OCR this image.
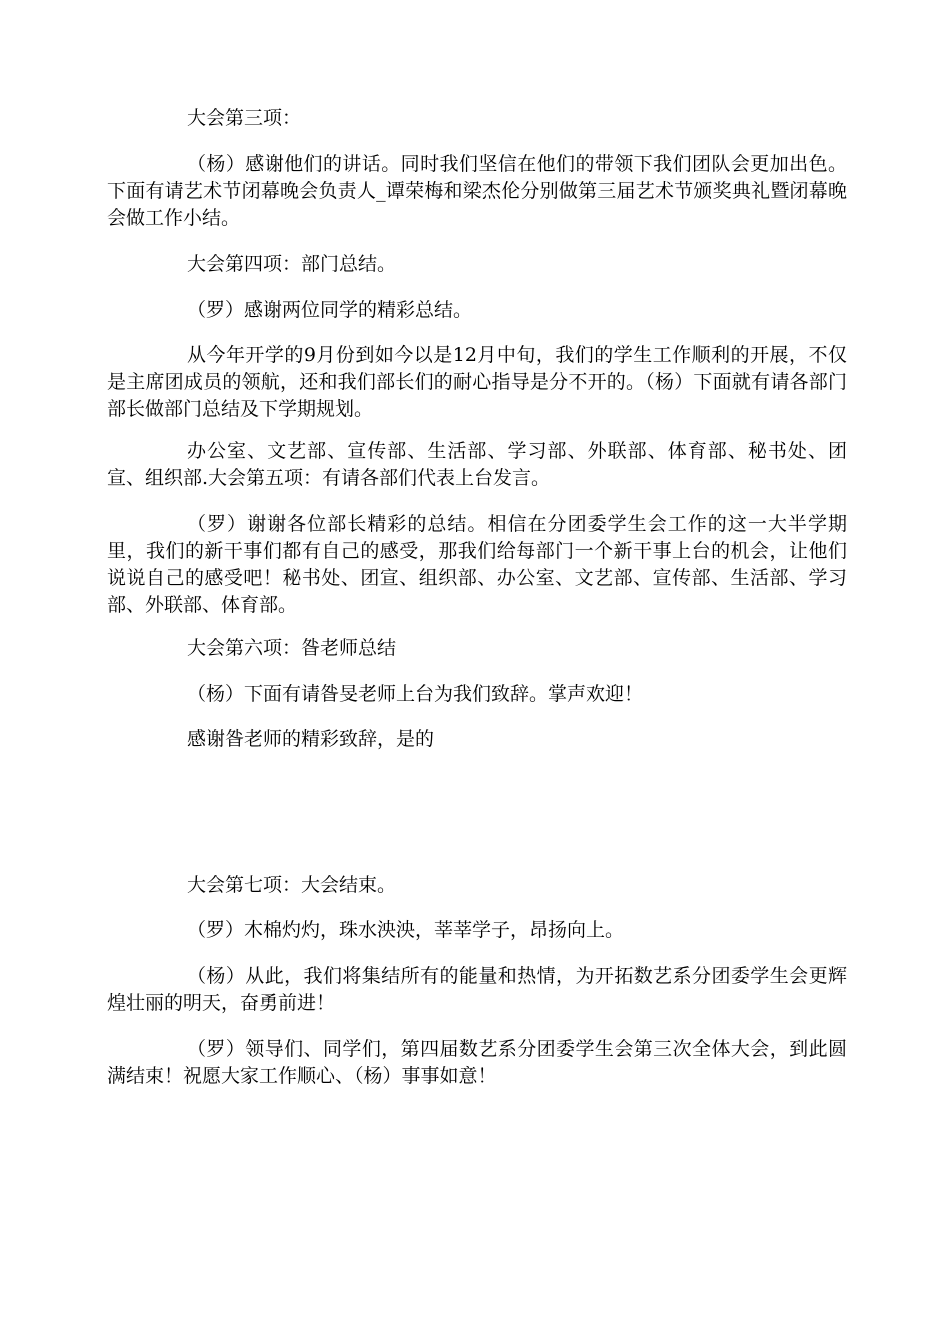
大会第三项：

（杨）感谢他们的讲话。同时我们坚信在他们的带领下我们团队会更加出色。下面有请艺术节闭幕晚会负责人_谭荣梅和梁杰伦分别做第三届艺术节颁奖典礼暨闭幕晚会做工作小结。

大会第四项：部门总结。

（罗）感谢两位同学的精彩总结。

从今年开学的9月份到如今以是12月中旬，我们的学生工作顺利的开展，不仅是主席团成员的领航，还和我们部长们的耐心指导是分不开的。（杨）下面就有请各部门部长做部门总结及下学期规划。

办公室、文艺部、宣传部、生活部、学习部、外联部、体育部、秘书处、团宣、组织部.大会第五项：有请各部们代表上台发言。

（罗）谢谢各位部长精彩的总结。相信在分团委学生会工作的这一大半学期里，我们的新干事们都有自己的感受，那我们给每部门一个新干事上台的机会，让他们说说自己的感受吧！秘书处、团宣、组织部、办公室、文艺部、宣传部、生活部、学习部、外联部、体育部。

大会第六项：昝老师总结

（杨）下面有请昝旻老师上台为我们致辞。掌声欢迎！

感谢昝老师的精彩致辞，是的

大会第七项：大会结束。

（罗）木棉灼灼，珠水泱泱，莘莘学子，昂扬向上。

（杨）从此，我们将集结所有的能量和热情，为开拓数艺系分团委学生会更辉煌壮丽的明天，奋勇前进！

（罗）领导们、同学们，第四届数艺系分团委学生会第三次全体大会，到此圆满结束！祝愿大家工作顺心、（杨）事事如意！
